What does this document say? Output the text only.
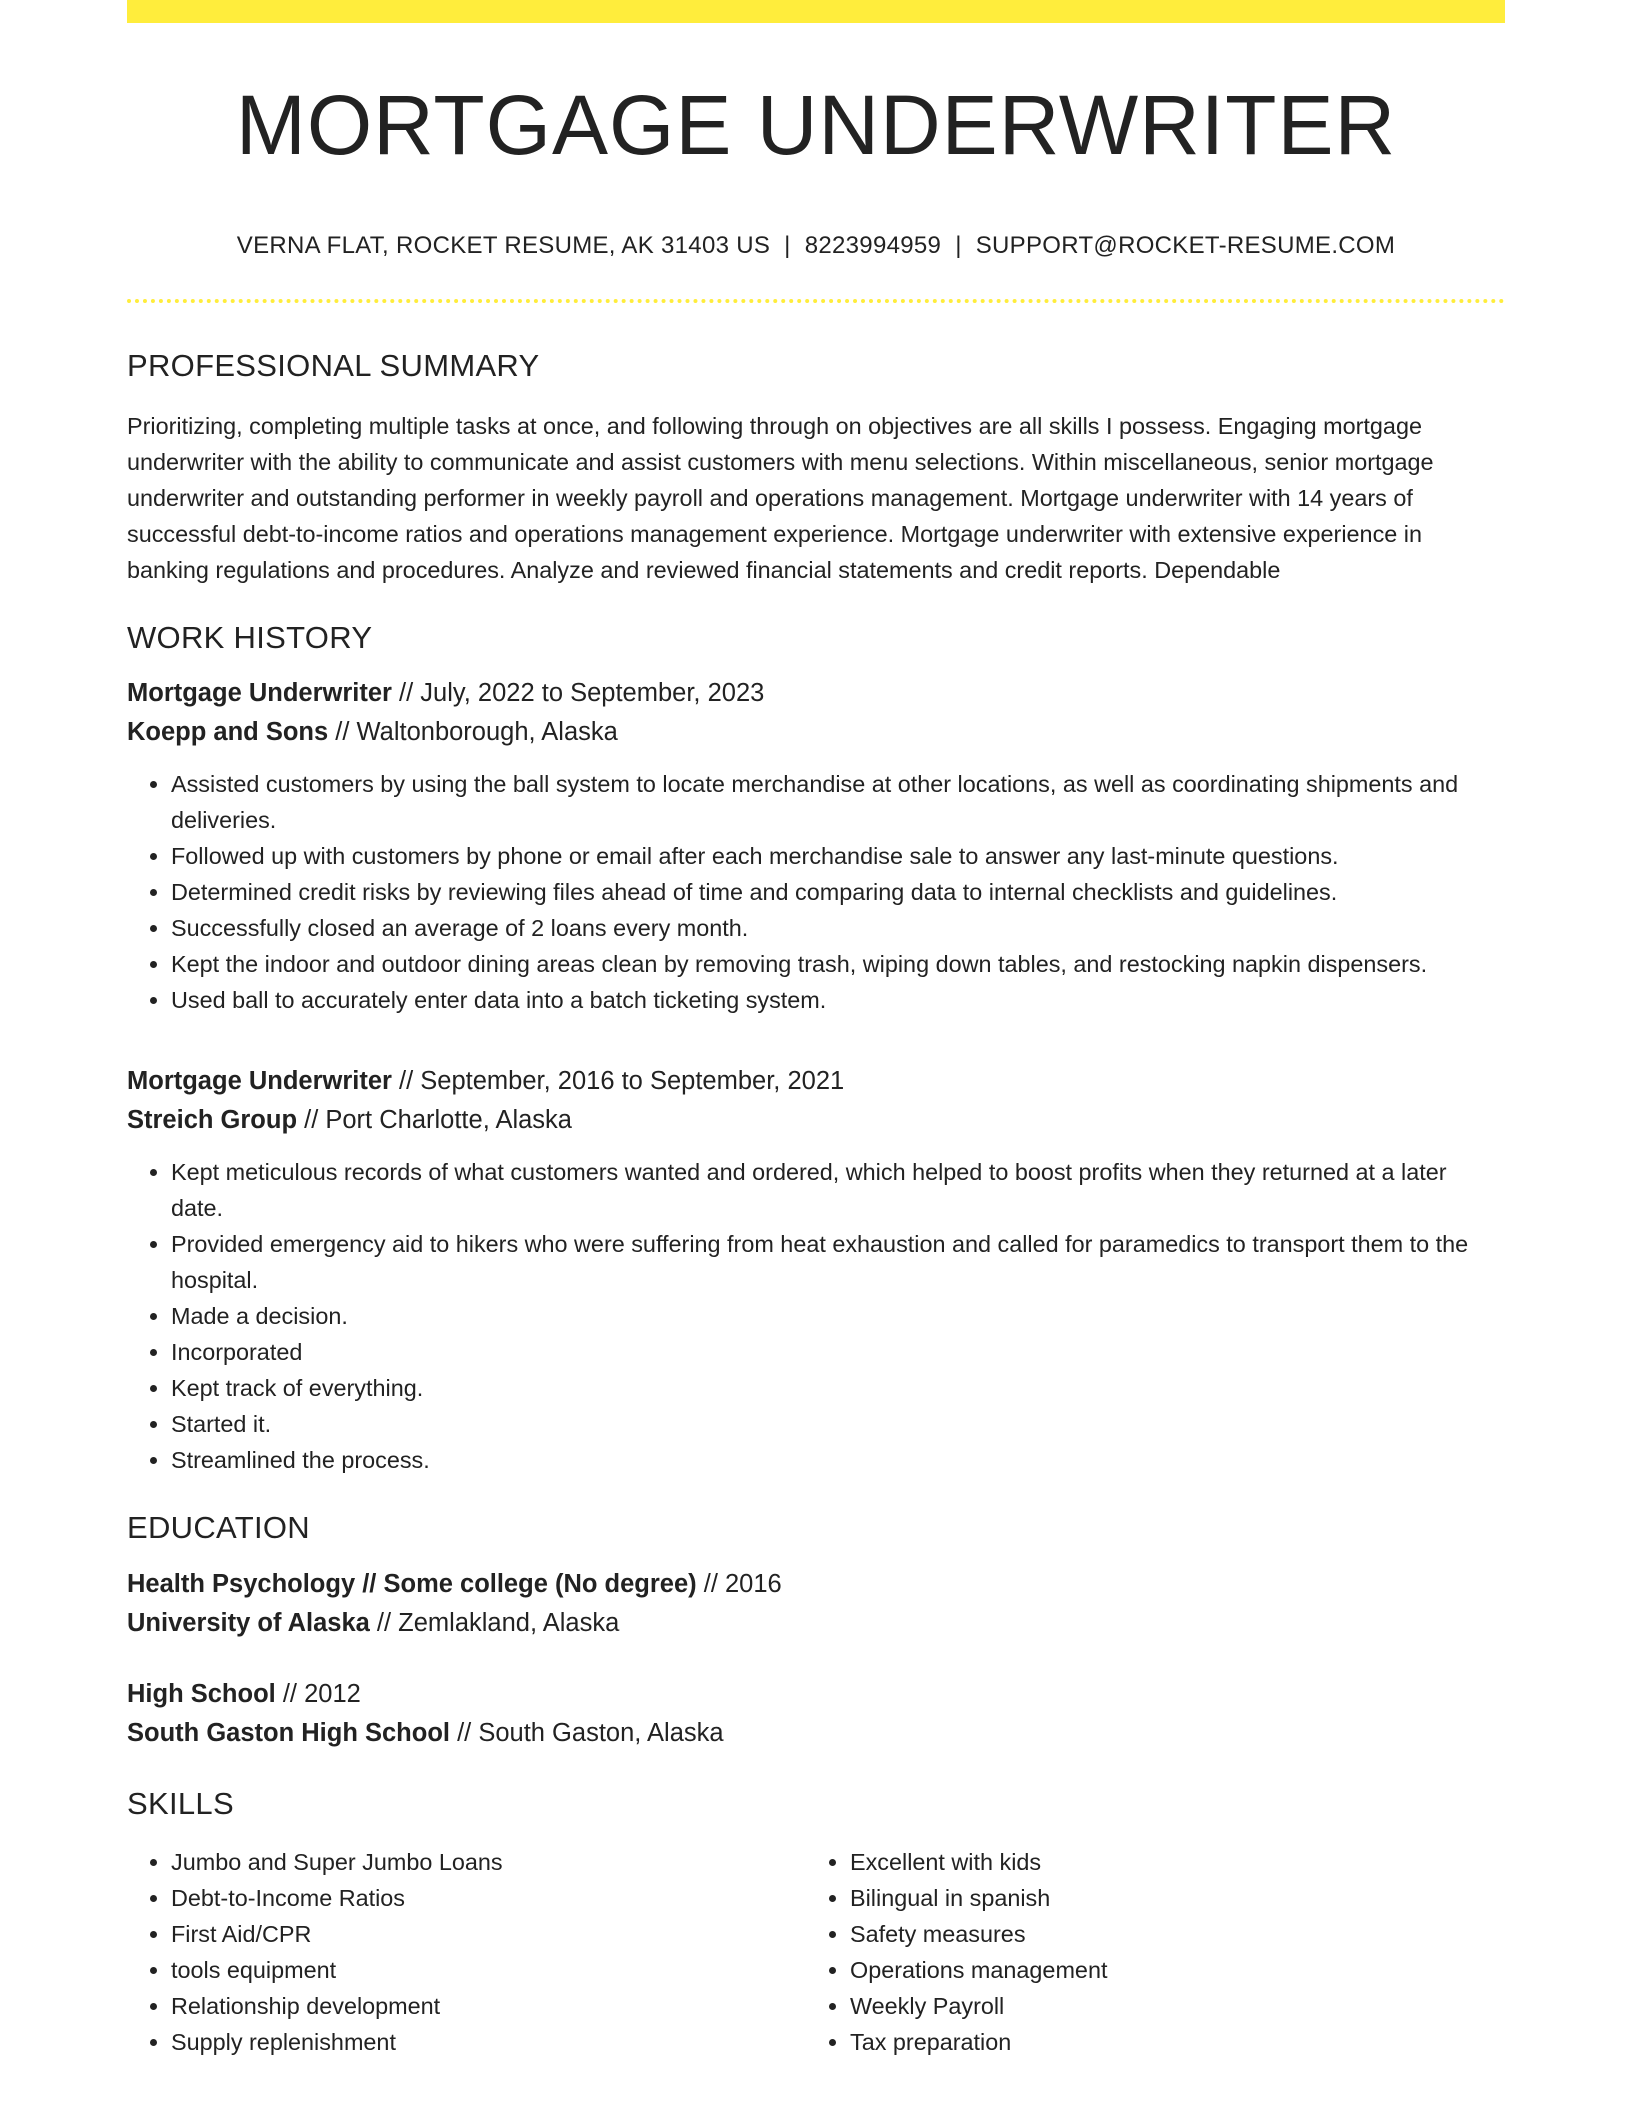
MORTGAGE UNDERWRITER
VERNA FLAT, ROCKET RESUME, AK 31403 US | 8223994959 | SUPPORT@ROCKET-RESUME.COM
PROFESSIONAL SUMMARY

Prioritizing, completing multiple tasks at once, and following through on objectives are all skills I possess. Engaging mortgage underwriter with the ability to communicate and assist customers with menu selections. Within miscellaneous, senior mortgage underwriter and outstanding performer in weekly payroll and operations management. Mortgage underwriter with 14 years of successful debt-to-income ratios and operations management experience. Mortgage underwriter with extensive experience in banking regulations and procedures. Analyze and reviewed financial statements and credit reports. Dependable

WORK HISTORY
Mortgage Underwriter // July, 2022 to September, 2023
Koepp and Sons // Waltonborough, Alaska
• Assisted customers by using the ball system to locate merchandise at other locations, as well as coordinating shipments and deliveries.
• Followed up with customers by phone or email after each merchandise sale to answer any last-minute questions.
• Determined credit risks by reviewing files ahead of time and comparing data to internal checklists and guidelines.
• Successfully closed an average of 2 loans every month.
• Kept the indoor and outdoor dining areas clean by removing trash, wiping down tables, and restocking napkin dispensers.
• Used ball to accurately enter data into a batch ticketing system.
Mortgage Underwriter // September, 2016 to September, 2021
Streich Group // Port Charlotte, Alaska
• Kept meticulous records of what customers wanted and ordered, which helped to boost profits when they returned at a later date.
• Provided emergency aid to hikers who were suffering from heat exhaustion and called for paramedics to transport them to the hospital.
• Made a decision.
• Incorporated
• Kept track of everything.
• Started it.
• Streamlined the process.
EDUCATION
Health Psychology // Some college (No degree) // 2016
University of Alaska // Zemlakland, Alaska
High School // 2012
South Gaston High School // South Gaston, Alaska
SKILLS
• Jumbo and Super Jumbo Loans
• Debt-to-Income Ratios
• First Aid/CPR
• tools equipment
• Relationship development
• Supply replenishment
• Excellent with kids
• Bilingual in spanish
• Safety measures
• Operations management
• Weekly Payroll
• Tax preparation
